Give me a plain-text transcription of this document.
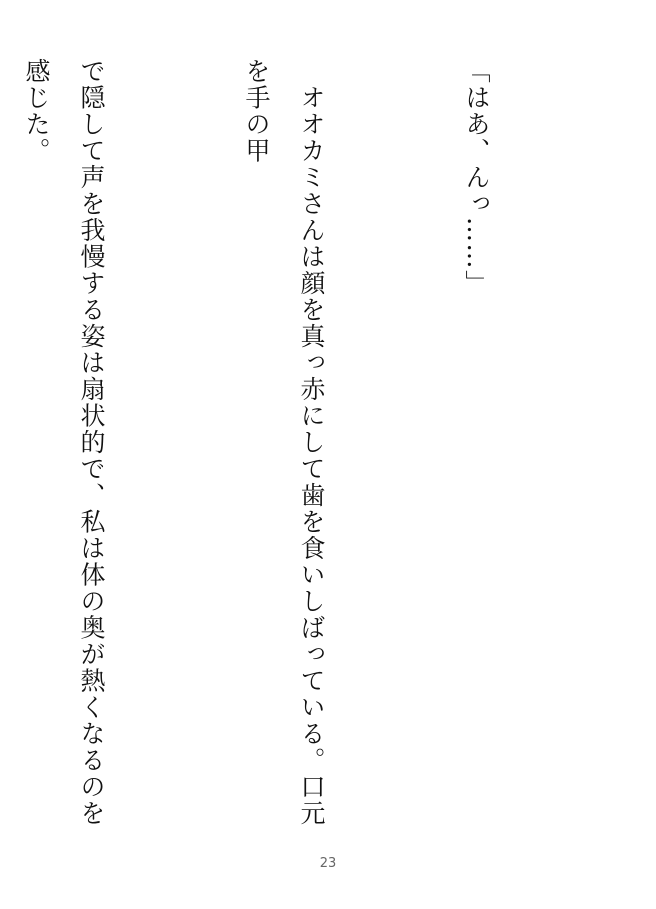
「はあ、んっ……」

　オオカミさんは顔を真っ赤にして歯を食いしばっている。口元を手の甲

で隠して声を我慢する姿は扇状的で、私は体の奥が熱くなるのを感じた。

23
